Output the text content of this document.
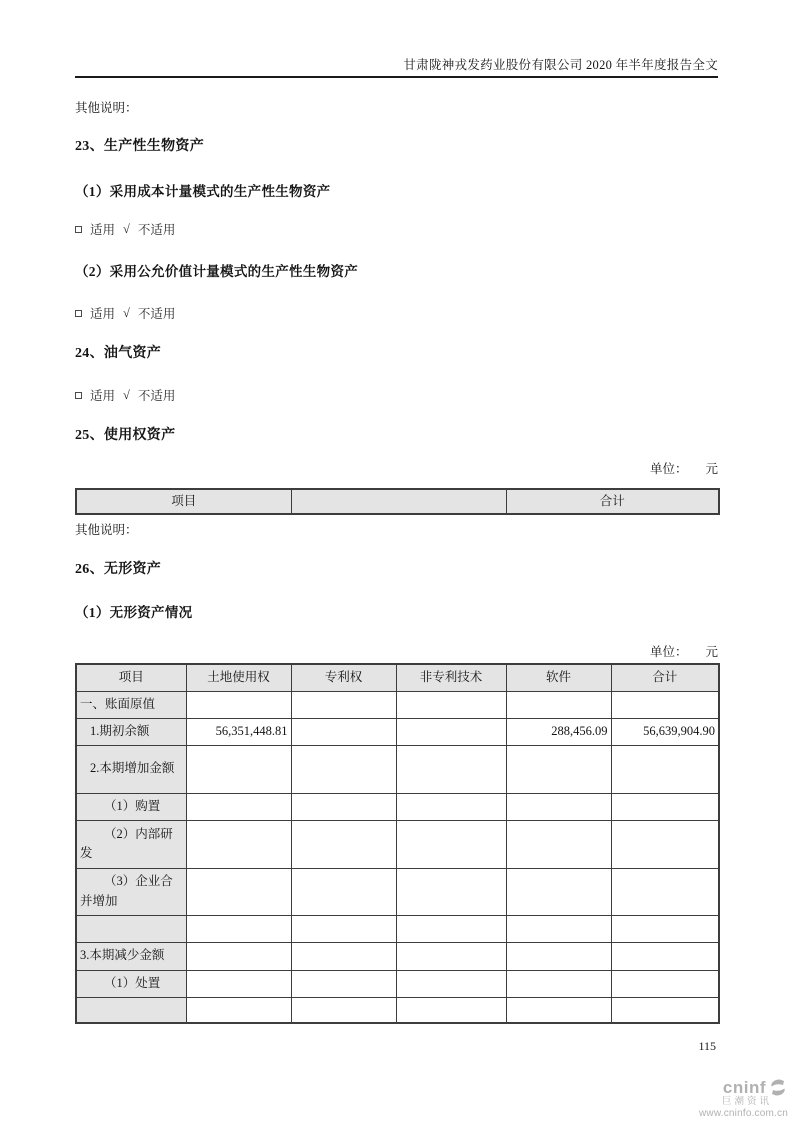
甘肃陇神戎发药业股份有限公司 2020 年半年度报告全文
其他说明：
23、生产性生物资产
（1）采用成本计量模式的生产性生物资产
适用 √ 不适用
（2）采用公允价值计量模式的生产性生物资产
适用 √ 不适用
24、油气资产
适用 √ 不适用
25、使用权资产
单位： 元
项目		合计
其他说明：
26、无形资产
（1）无形资产情况
单位： 元
项目	土地使用权	专利权	非专利技术	软件	合计
一、账面原值					
1.期初余额	56,351,448.81			288,456.09	56,639,904.90
2.本期增加金额					
（1）购置					
（2）内部研发					
（3）企业合并增加					

3.本期减少金额					
（1）处置					

115
cninf
巨潮资讯
www.cninfo.com.cn
